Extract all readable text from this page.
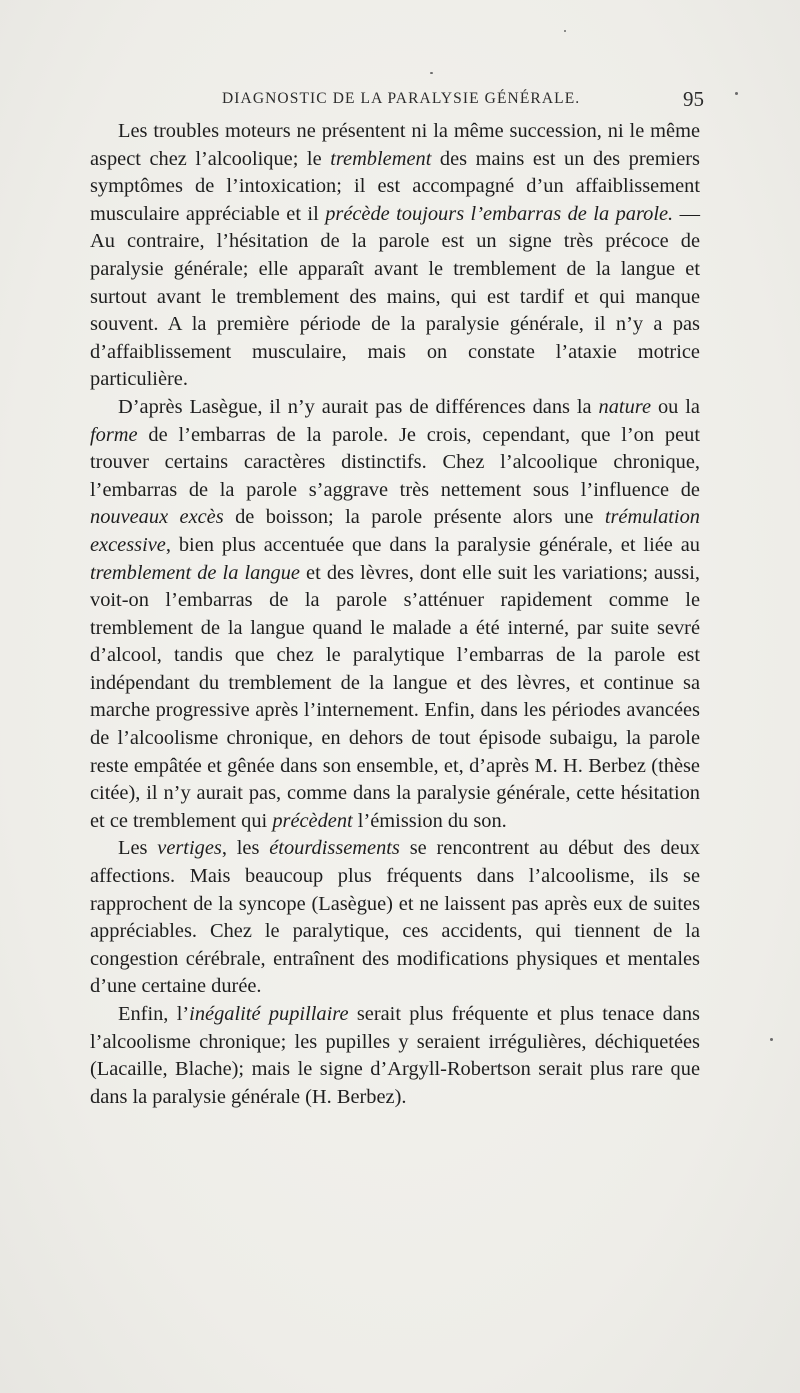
DIAGNOSTIC DE LA PARALYSIE GÉNÉRALE.	95

Les troubles moteurs ne présentent ni la même succession, ni le même aspect chez l’alcoolique; le tremblement des mains est un des premiers symptômes de l’intoxication; il est accompagné d’un affaiblissement musculaire appréciable et il précède toujours l’embarras de la parole. — Au contraire, l’hésitation de la parole est un signe très précoce de paralysie générale; elle apparaît avant le tremblement de la langue et surtout avant le tremblement des mains, qui est tardif et qui manque souvent. A la première période de la paralysie générale, il n’y a pas d’affaiblissement musculaire, mais on constate l’ataxie motrice particulière.

D’après Lasègue, il n’y aurait pas de différences dans la nature ou la forme de l’embarras de la parole. Je crois, cependant, que l’on peut trouver certains caractères distinctifs. Chez l’alcoolique chronique, l’embarras de la parole s’aggrave très nettement sous l’influence de nouveaux excès de boisson; la parole présente alors une trémulation excessive, bien plus accentuée que dans la paralysie générale, et liée au tremblement de la langue et des lèvres, dont elle suit les variations; aussi, voit-on l’embarras de la parole s’atténuer rapidement comme le tremblement de la langue quand le malade a été interné, par suite sevré d’alcool, tandis que chez le paralytique l’embarras de la parole est indépendant du tremblement de la langue et des lèvres, et continue sa marche progressive après l’internement. Enfin, dans les périodes avancées de l’alcoolisme chronique, en dehors de tout épisode subaigu, la parole reste empâtée et gênée dans son ensemble, et, d’après M. H. Berbez (thèse citée), il n’y aurait pas, comme dans la paralysie générale, cette hésitation et ce tremblement qui précèdent l’émission du son.

Les vertiges, les étourdissements se rencontrent au début des deux affections. Mais beaucoup plus fréquents dans l’alcoolisme, ils se rapprochent de la syncope (Lasègue) et ne laissent pas après eux de suites appréciables. Chez le paralytique, ces accidents, qui tiennent de la congestion cérébrale, entraînent des modifications physiques et mentales d’une certaine durée.

Enfin, l’inégalité pupillaire serait plus fréquente et plus tenace dans l’alcoolisme chronique; les pupilles y seraient irrégulières, déchiquetées (Lacaille, Blache); mais le signe d’Argyll-Robertson serait plus rare que dans la paralysie générale (H. Berbez).
